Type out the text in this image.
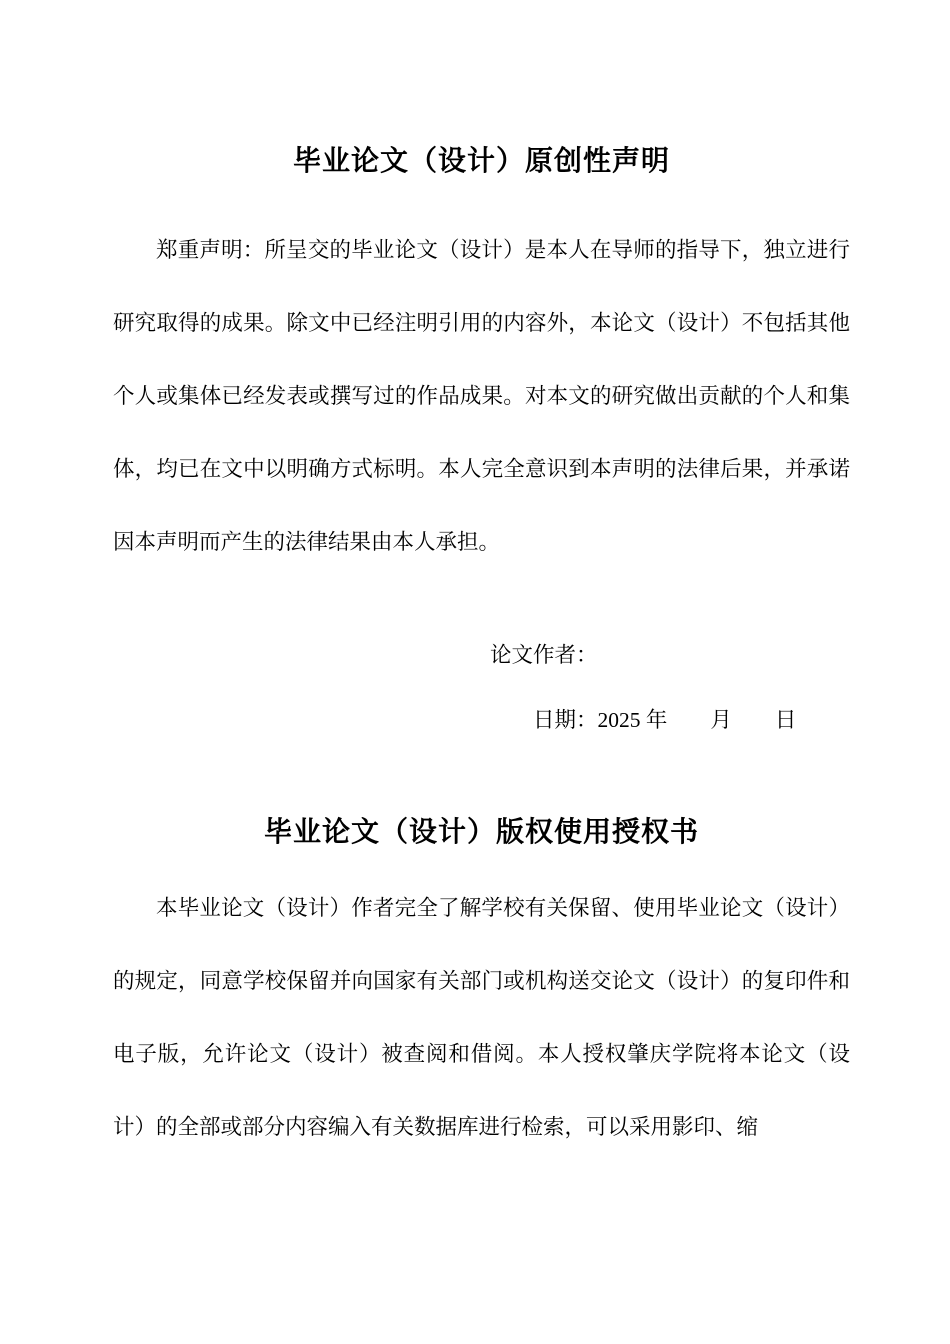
毕业论文（设计）原创性声明

郑重声明：所呈交的毕业论文（设计）是本人在导师的指导下，独立进行研究取得的成果。除文中已经注明引用的内容外，本论文（设计）不包括其他个人或集体已经发表或撰写过的作品成果。对本文的研究做出贡献的个人和集体，均已在文中以明确方式标明。本人完全意识到本声明的法律后果，并承诺因本声明而产生的法律结果由本人承担。

论文作者：

日期：2025 年　　月　　日

毕业论文（设计）版权使用授权书

本毕业论文（设计）作者完全了解学校有关保留、使用毕业论文（设计）的规定，同意学校保留并向国家有关部门或机构送交论文（设计）的复印件和电子版，允许论文（设计）被查阅和借阅。本人授权肇庆学院将本论文（设计）的全部或部分内容编入有关数据库进行检索，可以采用影印、缩
